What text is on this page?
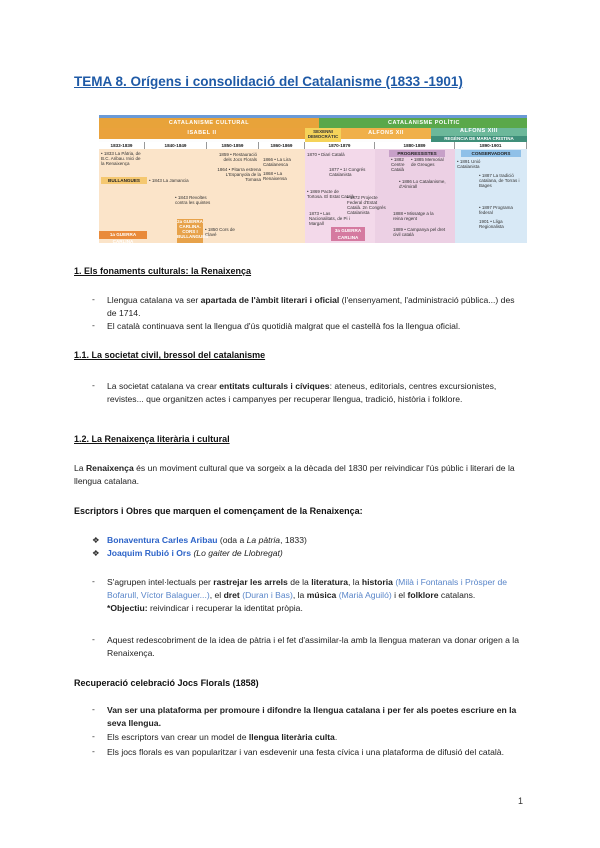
TEMA 8. Orígens i consolidació del Catalanisme (1833 -1901)
CATALANISME CULTURAL	CATALANISME POLÍTIC
ISABEL II	SEXENNI DEMOCRÀTIC
ALFONS XII	ALFONS XIII
REGÈNCIA DE MARIA CRISTINA
1833-1839	1840-1849	1850-1859	1860-1869	1870-1879	1880-1889	1890-1901
PROGRESSISTES	CONSERVADORS
BULLANGUES
• 1833 La Pàtria, de B.C. Aribau. Inici de la Renaixença
• 1843 La Jamancia
• 1843 Revoltes contra les quintes
1859 • Restauració dels Jocs Florals
1864 • Pitarra estrena L'Espanyola de la Tomasa
1866 • La Lira Catalanesca
1868 • La Renaixensa
1870 • Diari Català
1877 • 1r Congrés Catalanista
• 1869 Pacte de Tortosa. El Estat Català
1873 • Las Nacionalitats, de Pi i Margall
• 1872 Projecte Federal d'Estat Català. 2n Congrés Catalanista
• 1882 Centre Català
• 1885 Memorial de Greuges
• 1886 Lo Catalanisme, d'Almirall
1888 • Missatge a la reina regent
1889 • Campanya pel dret civil català
• 1891 Unió Catalanista
• 1897 Programa federal
1901 • Lliga Regionalista
• 1850 Cors de Clavé
• 1887 La tradició catalana, de Torras i Bages
1a GUERRA CARLINA
2a GUERRA CARLINA. CORS I BULLANGUES
3a GUERRA CARLINA
1. Els fonaments culturals: la Renaixença
- Llengua catalana va ser apartada de l'àmbit literari i oficial (l'ensenyament, l'administració pública...) des de 1714.
- El català continuava sent la llengua d'ús quotidià malgrat que el castellà fos la llengua oficial.
1.1. La societat civil, bressol del catalanisme
- La societat catalana va crear entitats culturals i cíviques: ateneus, editorials, centres excursionistes, revistes... que organitzen actes i campanyes per recuperar llengua, tradició, història i folklore.
1.2. La Renaixença literària i cultural
La Renaixença és un moviment cultural que va sorgeix a la dècada del 1830 per reivindicar l'ús públic i literari de la llengua catalana.
Escriptors i Obres que marquen el començament de la Renaixença:
❖ Bonaventura Carles Aribau (oda a La pàtria, 1833)
❖ Joaquim Rubió i Ors (Lo gaiter de Llobregat)
- S'agrupen intel·lectuals per rastrejar les arrels de la literatura, la historia (Milà i Fontanals i Pròsper de Bofarull, Víctor Balaguer...), el dret (Duran i Bas), la música (Marià Aguiló) i el folklore catalans.
*Objectiu: reivindicar i recuperar la identitat pròpia.
- Aquest redescobriment de la idea de pàtria i el fet d'assimilar-la amb la llengua materan va donar origen a la Renaixença.
Recuperació celebració Jocs Florals (1858)
- Van ser una plataforma per promoure i difondre la llengua catalana i per fer als poetes escriure en la seva llengua.
- Els escriptors van crear un model de llengua literària culta.
- Els jocs florals es van popularitzar i van esdevenir una festa cívica i una plataforma de difusió del català.
1
